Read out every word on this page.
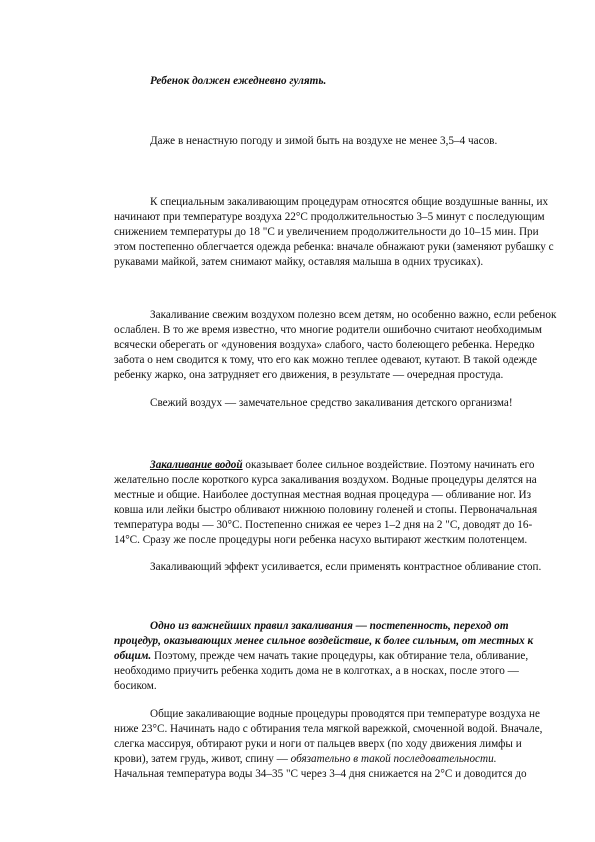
Ребенок должен ежедневно гулять.
Даже в ненастную погоду и зимой быть на воздухе не менее 3,5–4 часов.
К специальным закаливающим процедурам относятся общие воздушные ванны, их
начинают при температуре воздуха 22°С продолжительностью 3–5 минут с последующим
снижением температуры до 18 "С и увеличением продолжительности до 10–15 мин. При
этом постепенно облегчается одежда ребенка: вначале обнажают руки (заменяют рубашку с
рукавами майкой, затем снимают майку, оставляя малыша в одних трусиках).
Закаливание свежим воздухом полезно всем детям, но особенно важно, если ребенок
ослаблен. В то же время известно, что многие родители ошибочно считают необходимым
всячески оберегать ог «дуновения воздуха» слабого, часто болеющего ребенка. Нередко
забота о нем сводится к тому, что его как можно теплее одевают, кутают. В такой одежде
ребенку жарко, она затрудняет его движения, в результате — очередная простуда.
Свежий воздух — замечательное средство закаливания детского организма!
Закаливание водой оказывает более сильное воздействие. Поэтому начинать его
желательно после короткого курса закаливания воздухом. Водные процедуры делятся на
местные и общие. Наиболее доступная местная водная процедура — обливание ног. Из
ковша или лейки быстро обливают нижнюю половину голеней и стопы. Первоначальная
температура воды — 30°С. Постепенно снижая ее через 1–2 дня на 2 "С, доводят до 16-
14°С. Сразу же после процедуры ноги ребенка насухо вытирают жестким полотенцем.
Закаливающий эффект усиливается, если применять контрастное обливание стоп.
Одно из важнейших правил закаливания — постепенность, переход от
процедур, оказывающих менее сильное воздействие, к более сильным, от местных к
общим. Поэтому, прежде чем начать такие процедуры, как обтирание тела, обливание,
необходимо приучить ребенка ходить дома не в колготках, а в носках, после этого —
босиком.
Общие закаливающие водные процедуры проводятся при температуре воздуха не
ниже 23°С. Начинать надо с обтирания тела мягкой варежкой, смоченной водой. Вначале,
слегка массируя, обтирают руки и ноги от пальцев вверх (по ходу движения лимфы и
крови), затем грудь, живот, спину — обязательно в такой последовательности.
Начальная температура воды 34–35 "С через 3–4 дня снижается на 2°С и доводится до
